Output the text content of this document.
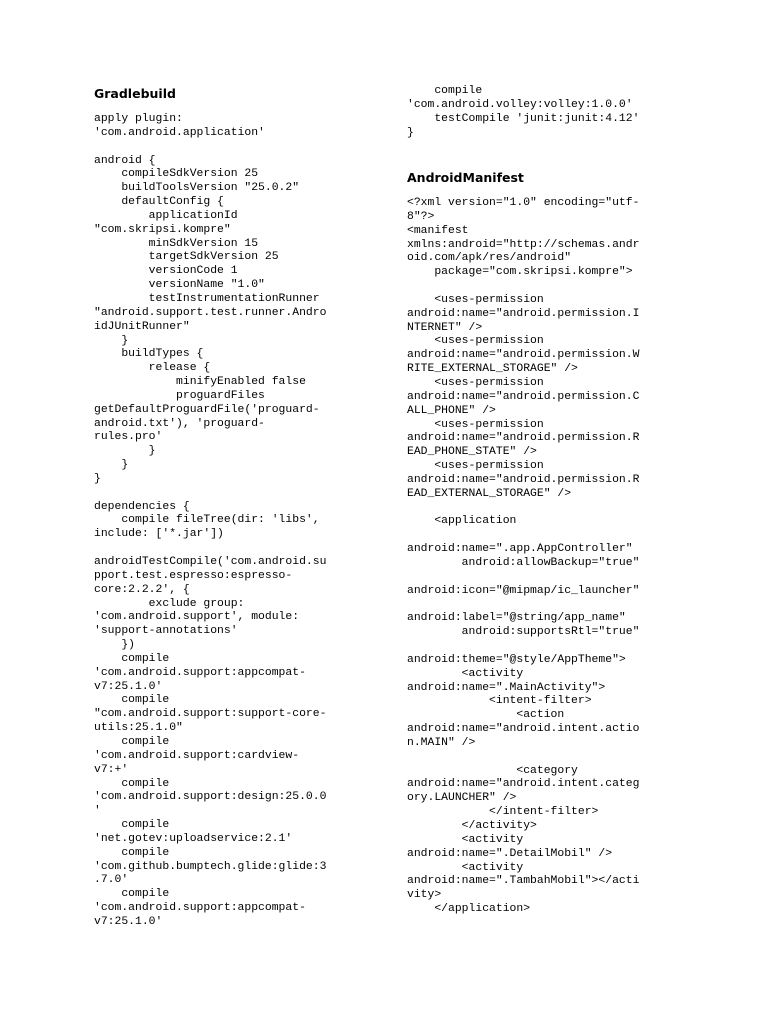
Gradlebuild
apply plugin:
'com.android.application'

android {
compileSdkVersion 25
buildToolsVersion "25.0.2"
defaultConfig {
applicationId
"com.skripsi.kompre"
minSdkVersion 15
targetSdkVersion 25
versionCode 1
versionName "1.0"
testInstrumentationRunner
"android.support.test.runner.Andro
idJUnitRunner"
}
buildTypes {
release {
minifyEnabled false
proguardFiles
getDefaultProguardFile('proguard-
android.txt'), 'proguard-
rules.pro'
}
}
}

dependencies {
compile fileTree(dir: 'libs',
include: ['*.jar'])

androidTestCompile('com.android.su
pport.test.espresso:espresso-
core:2.2.2', {
exclude group:
'com.android.support', module:
'support-annotations'
})
compile
'com.android.support:appcompat-
v7:25.1.0'
compile
"com.android.support:support-core-
utils:25.1.0"
compile
'com.android.support:cardview-
v7:+'
compile
'com.android.support:design:25.0.0
'
compile
'net.gotev:uploadservice:2.1'
compile
'com.github.bumptech.glide:glide:3
.7.0'
compile
'com.android.support:appcompat-
v7:25.1.0'
compile
'com.android.volley:volley:1.0.0'
testCompile 'junit:junit:4.12'
}
AndroidManifest
<?xml version="1.0" encoding="utf-
8"?>
<manifest
xmlns:android="http://schemas.andr
oid.com/apk/res/android"
package="com.skripsi.kompre">

<uses-permission
android:name="android.permission.I
NTERNET" />
<uses-permission
android:name="android.permission.W
RITE_EXTERNAL_STORAGE" />
<uses-permission
android:name="android.permission.C
ALL_PHONE" />
<uses-permission
android:name="android.permission.R
EAD_PHONE_STATE" />
<uses-permission
android:name="android.permission.R
EAD_EXTERNAL_STORAGE" />

<application

android:name=".app.AppController"
android:allowBackup="true"

android:icon="@mipmap/ic_launcher"

android:label="@string/app_name"
android:supportsRtl="true"

android:theme="@style/AppTheme">
<activity
android:name=".MainActivity">
<intent-filter>
<action
android:name="android.intent.actio
n.MAIN" />

<category
android:name="android.intent.categ
ory.LAUNCHER" />
</intent-filter>
</activity>
<activity
android:name=".DetailMobil" />
<activity
android:name=".TambahMobil"></acti
vity>
</application>
